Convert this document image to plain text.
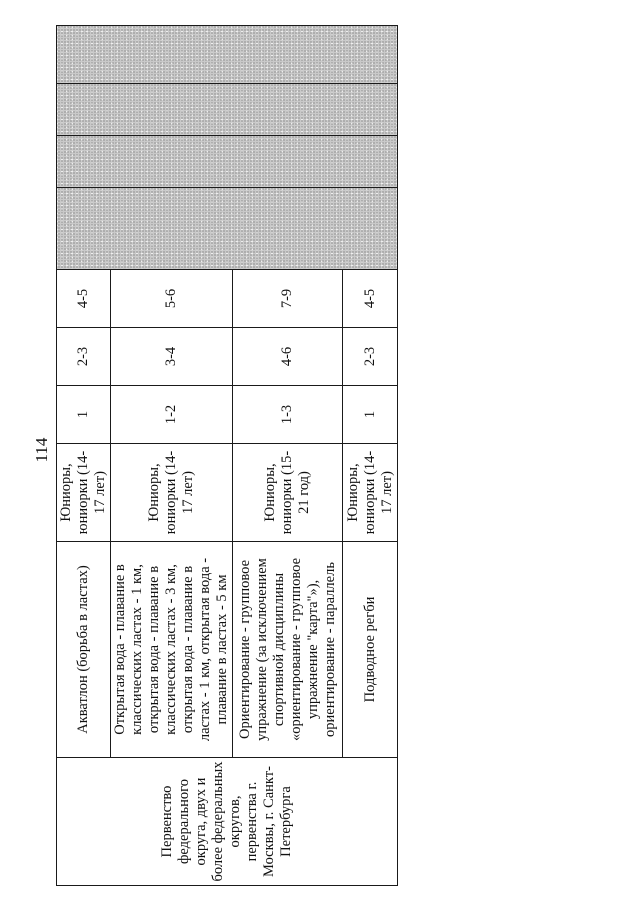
114
Первенство федерального округа, двух и более федеральных округов, первенства г. Москвы, г. Санкт-Петербурга	Акватлон (борьба в ластах)	Юниоры, юниорки (14-17 лет)	1	2-3	4-5				
	Открытая вода - плавание в классических ластах - 1 км, открытая вода - плавание в классических ластах - 3 км, открытая вода - плавание в ластах - 1 км, открытая вода - плавание в ластах - 5 км	Юниоры, юниорки (14-17 лет)	1-2	3-4	5-6				
	Ориентирование - групповое упражнение (за исключением спортивной дисциплины «ориентирование - групповое упражнение "карта"»), ориентирование - параллель	Юниоры, юниорки (15-21 год)	1-3	4-6	7-9				
	Подводное регби	Юниоры, юниорки (14-17 лет)	1	2-3	4-5				
